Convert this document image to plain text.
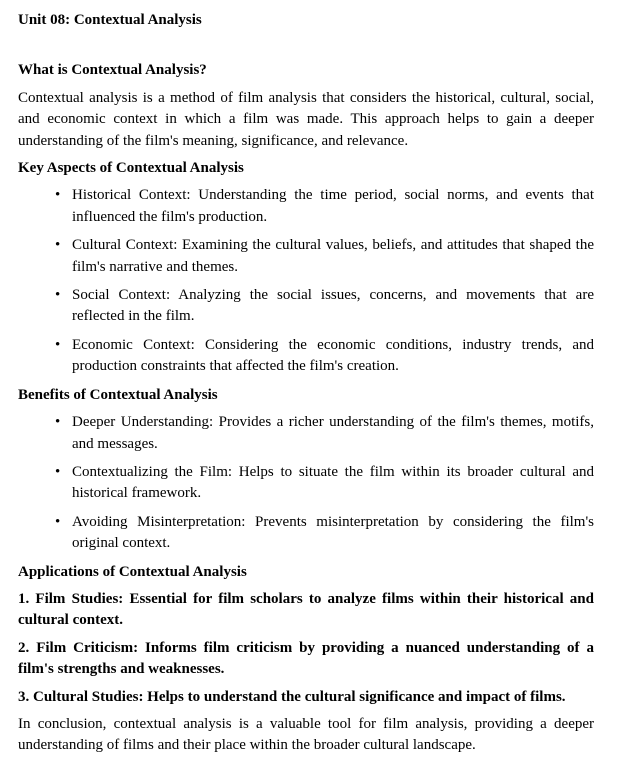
Unit 08: Contextual Analysis

What is Contextual Analysis?

Contextual analysis is a method of film analysis that considers the historical, cultural, social, and economic context in which a film was made. This approach helps to gain a deeper understanding of the film's meaning, significance, and relevance.

Key Aspects of Contextual Analysis

• Historical Context: Understanding the time period, social norms, and events that influenced the film's production.
• Cultural Context: Examining the cultural values, beliefs, and attitudes that shaped the film's narrative and themes.
• Social Context: Analyzing the social issues, concerns, and movements that are reflected in the film.
• Economic Context: Considering the economic conditions, industry trends, and production constraints that affected the film's creation.

Benefits of Contextual Analysis

• Deeper Understanding: Provides a richer understanding of the film's themes, motifs, and messages.
• Contextualizing the Film: Helps to situate the film within its broader cultural and historical framework.
• Avoiding Misinterpretation: Prevents misinterpretation by considering the film's original context.

Applications of Contextual Analysis

1. Film Studies: Essential for film scholars to analyze films within their historical and cultural context.

2. Film Criticism: Informs film criticism by providing a nuanced understanding of a film's strengths and weaknesses.

3. Cultural Studies: Helps to understand the cultural significance and impact of films.

In conclusion, contextual analysis is a valuable tool for film analysis, providing a deeper understanding of films and their place within the broader cultural landscape.
